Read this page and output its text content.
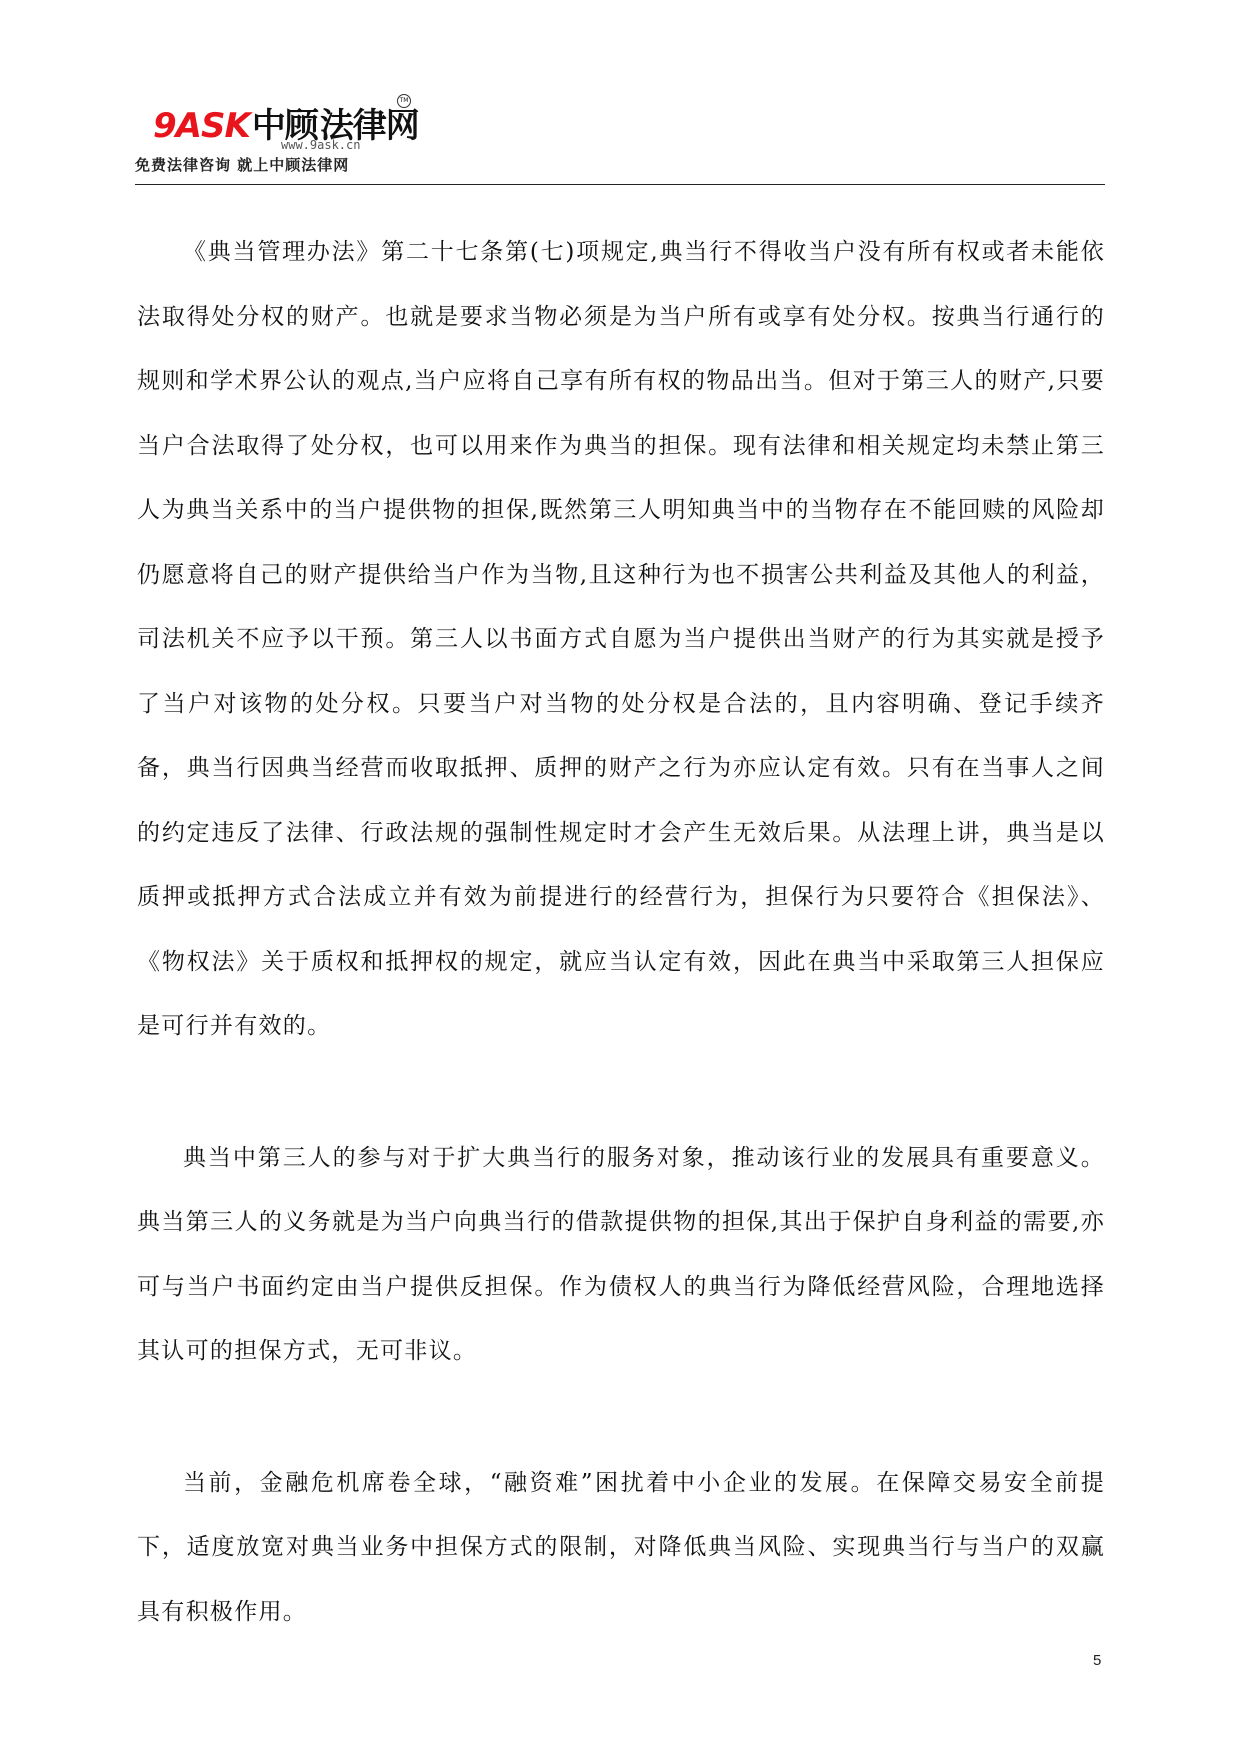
9ASK中顾法律网
TM
www.9ask.cn
免费法律咨询 就上中顾法律网

《典当管理办法》第二十七条第(七)项规定,典当行不得收当户没有所有权或者未能依法取得处分权的财产。也就是要求当物必须是为当户所有或享有处分权。按典当行通行的规则和学术界公认的观点,当户应将自己享有所有权的物品出当。但对于第三人的财产,只要当户合法取得了处分权，也可以用来作为典当的担保。现有法律和相关规定均未禁止第三人为典当关系中的当户提供物的担保,既然第三人明知典当中的当物存在不能回赎的风险却仍愿意将自己的财产提供给当户作为当物,且这种行为也不损害公共利益及其他人的利益，司法机关不应予以干预。第三人以书面方式自愿为当户提供出当财产的行为其实就是授予了当户对该物的处分权。只要当户对当物的处分权是合法的，且内容明确、登记手续齐备，典当行因典当经营而收取抵押、质押的财产之行为亦应认定有效。只有在当事人之间的约定违反了法律、行政法规的强制性规定时才会产生无效后果。从法理上讲，典当是以质押或抵押方式合法成立并有效为前提进行的经营行为，担保行为只要符合《担保法》、《物权法》关于质权和抵押权的规定，就应当认定有效，因此在典当中采取第三人担保应是可行并有效的。

典当中第三人的参与对于扩大典当行的服务对象，推动该行业的发展具有重要意义。典当第三人的义务就是为当户向典当行的借款提供物的担保,其出于保护自身利益的需要,亦可与当户书面约定由当户提供反担保。作为债权人的典当行为降低经营风险，合理地选择其认可的担保方式，无可非议。

当前，金融危机席卷全球，“融资难”困扰着中小企业的发展。在保障交易安全前提下，适度放宽对典当业务中担保方式的限制，对降低典当风险、实现典当行与当户的双赢具有积极作用。

5
